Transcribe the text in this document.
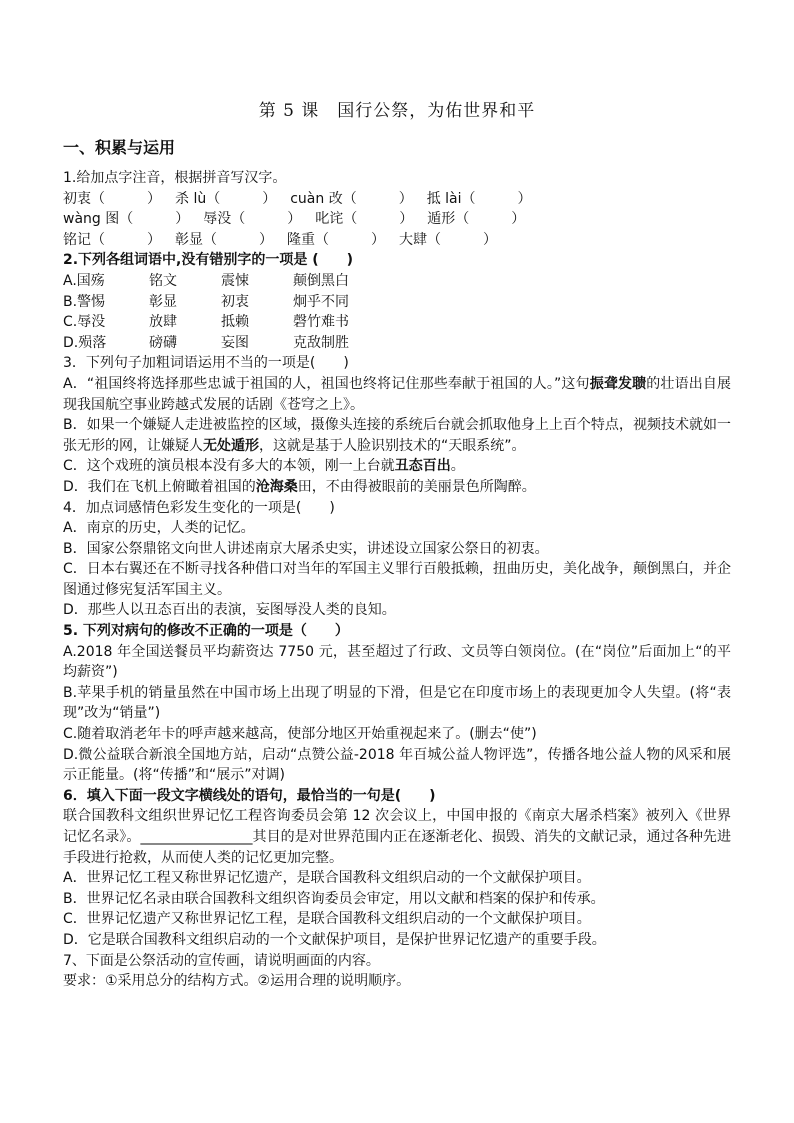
第 5 课　国行公祭，为佑世界和平
一、积累与运用

1.给加点字注音，根据拼音写汉字。

初衷（　　　） 　杀 lù（　　　） 　cuàn 改（　　　） 　抵 lài（　　　）
wàng 图（　　　） 　辱没（　　　） 　叱诧（　　　） 　遁形（　　　）
铭记（　　　） 　彰显（　　　） 　隆重（　　　） 　大肆（　　　）

2.下列各组词语中,没有错别字的一项是 (　　)

A.国殇	铭文	震悚	颠倒黑白
B.警惕	彰显	初衷	炯乎不同
C.辱没	放肆	抵赖	磬竹难书
D.殒落	磅礴	妄图	克敌制胜

3．下列句子加粗词语运用不当的一项是(　　)

A．“祖国终将选择那些忠诚于祖国的人，祖国也终将记住那些奉献于祖国的人。”这句振聋发聩的壮语出自展现我国航空事业跨越式发展的话剧《苍穹之上》。

B．如果一个嫌疑人走进被监控的区域，摄像头连接的系统后台就会抓取他身上上百个特点，视频技术就如一张无形的网，让嫌疑人无处遁形，这就是基于人脸识别技术的“天眼系统”。

C．这个戏班的演员根本没有多大的本领，刚一上台就丑态百出。

D．我们在飞机上俯瞰着祖国的沧海桑田，不由得被眼前的美丽景色所陶醉。

4．加点词感情色彩发生变化的一项是(　　)

A．南京的历史，人类的记忆。

B．国家公祭鼎铭文向世人讲述南京大屠杀史实，讲述设立国家公祭日的初衷。

C．日本右翼还在不断寻找各种借口对当年的军国主义罪行百般抵赖，扭曲历史，美化战争，颠倒黑白，并企图通过修宪复活军国主义。

D．那些人以丑态百出的表演，妄图辱没人类的良知。

5. 下列对病句的修改不正确的一项是（　　）

A.2018 年全国送餐员平均薪资达 7750 元，甚至超过了行政、文员等白领岗位。(在“岗位”后面加上“的平均薪资”)

B.苹果手机的销量虽然在中国市场上出现了明显的下滑，但是它在印度市场上的表现更加令人失望。(将“表现”改为“销量”)

C.随着取消老年卡的呼声越来越高，使部分地区开始重视起来了。(删去“使”)

D.微公益联合新浪全国地方站，启动“点赞公益-2018 年百城公益人物评选”，传播各地公益人物的风采和展示正能量。(将“传播”和“展示”对调)

6．填入下面一段文字横线处的语句，最恰当的一句是(　　)

联合国教科文组织世界记忆工程咨询委员会第 12 次会议上，中国申报的《南京大屠杀档案》被列入《世界记忆名录》。________________其目的是对世界范围内正在逐渐老化、损毁、消失的文献记录，通过各种先进手段进行抢救，从而使人类的记忆更加完整。

A．世界记忆工程又称世界记忆遗产，是联合国教科文组织启动的一个文献保护项目。

B．世界记忆名录由联合国教科文组织咨询委员会审定，用以文献和档案的保护和传承。

C．世界记忆遗产又称世界记忆工程，是联合国教科文组织启动的一个文献保护项目。

D．它是联合国教科文组织启动的一个文献保护项目，是保护世界记忆遗产的重要手段。

7、下面是公祭活动的宣传画，请说明画面的内容。

要求：①采用总分的结构方式。②运用合理的说明顺序。
